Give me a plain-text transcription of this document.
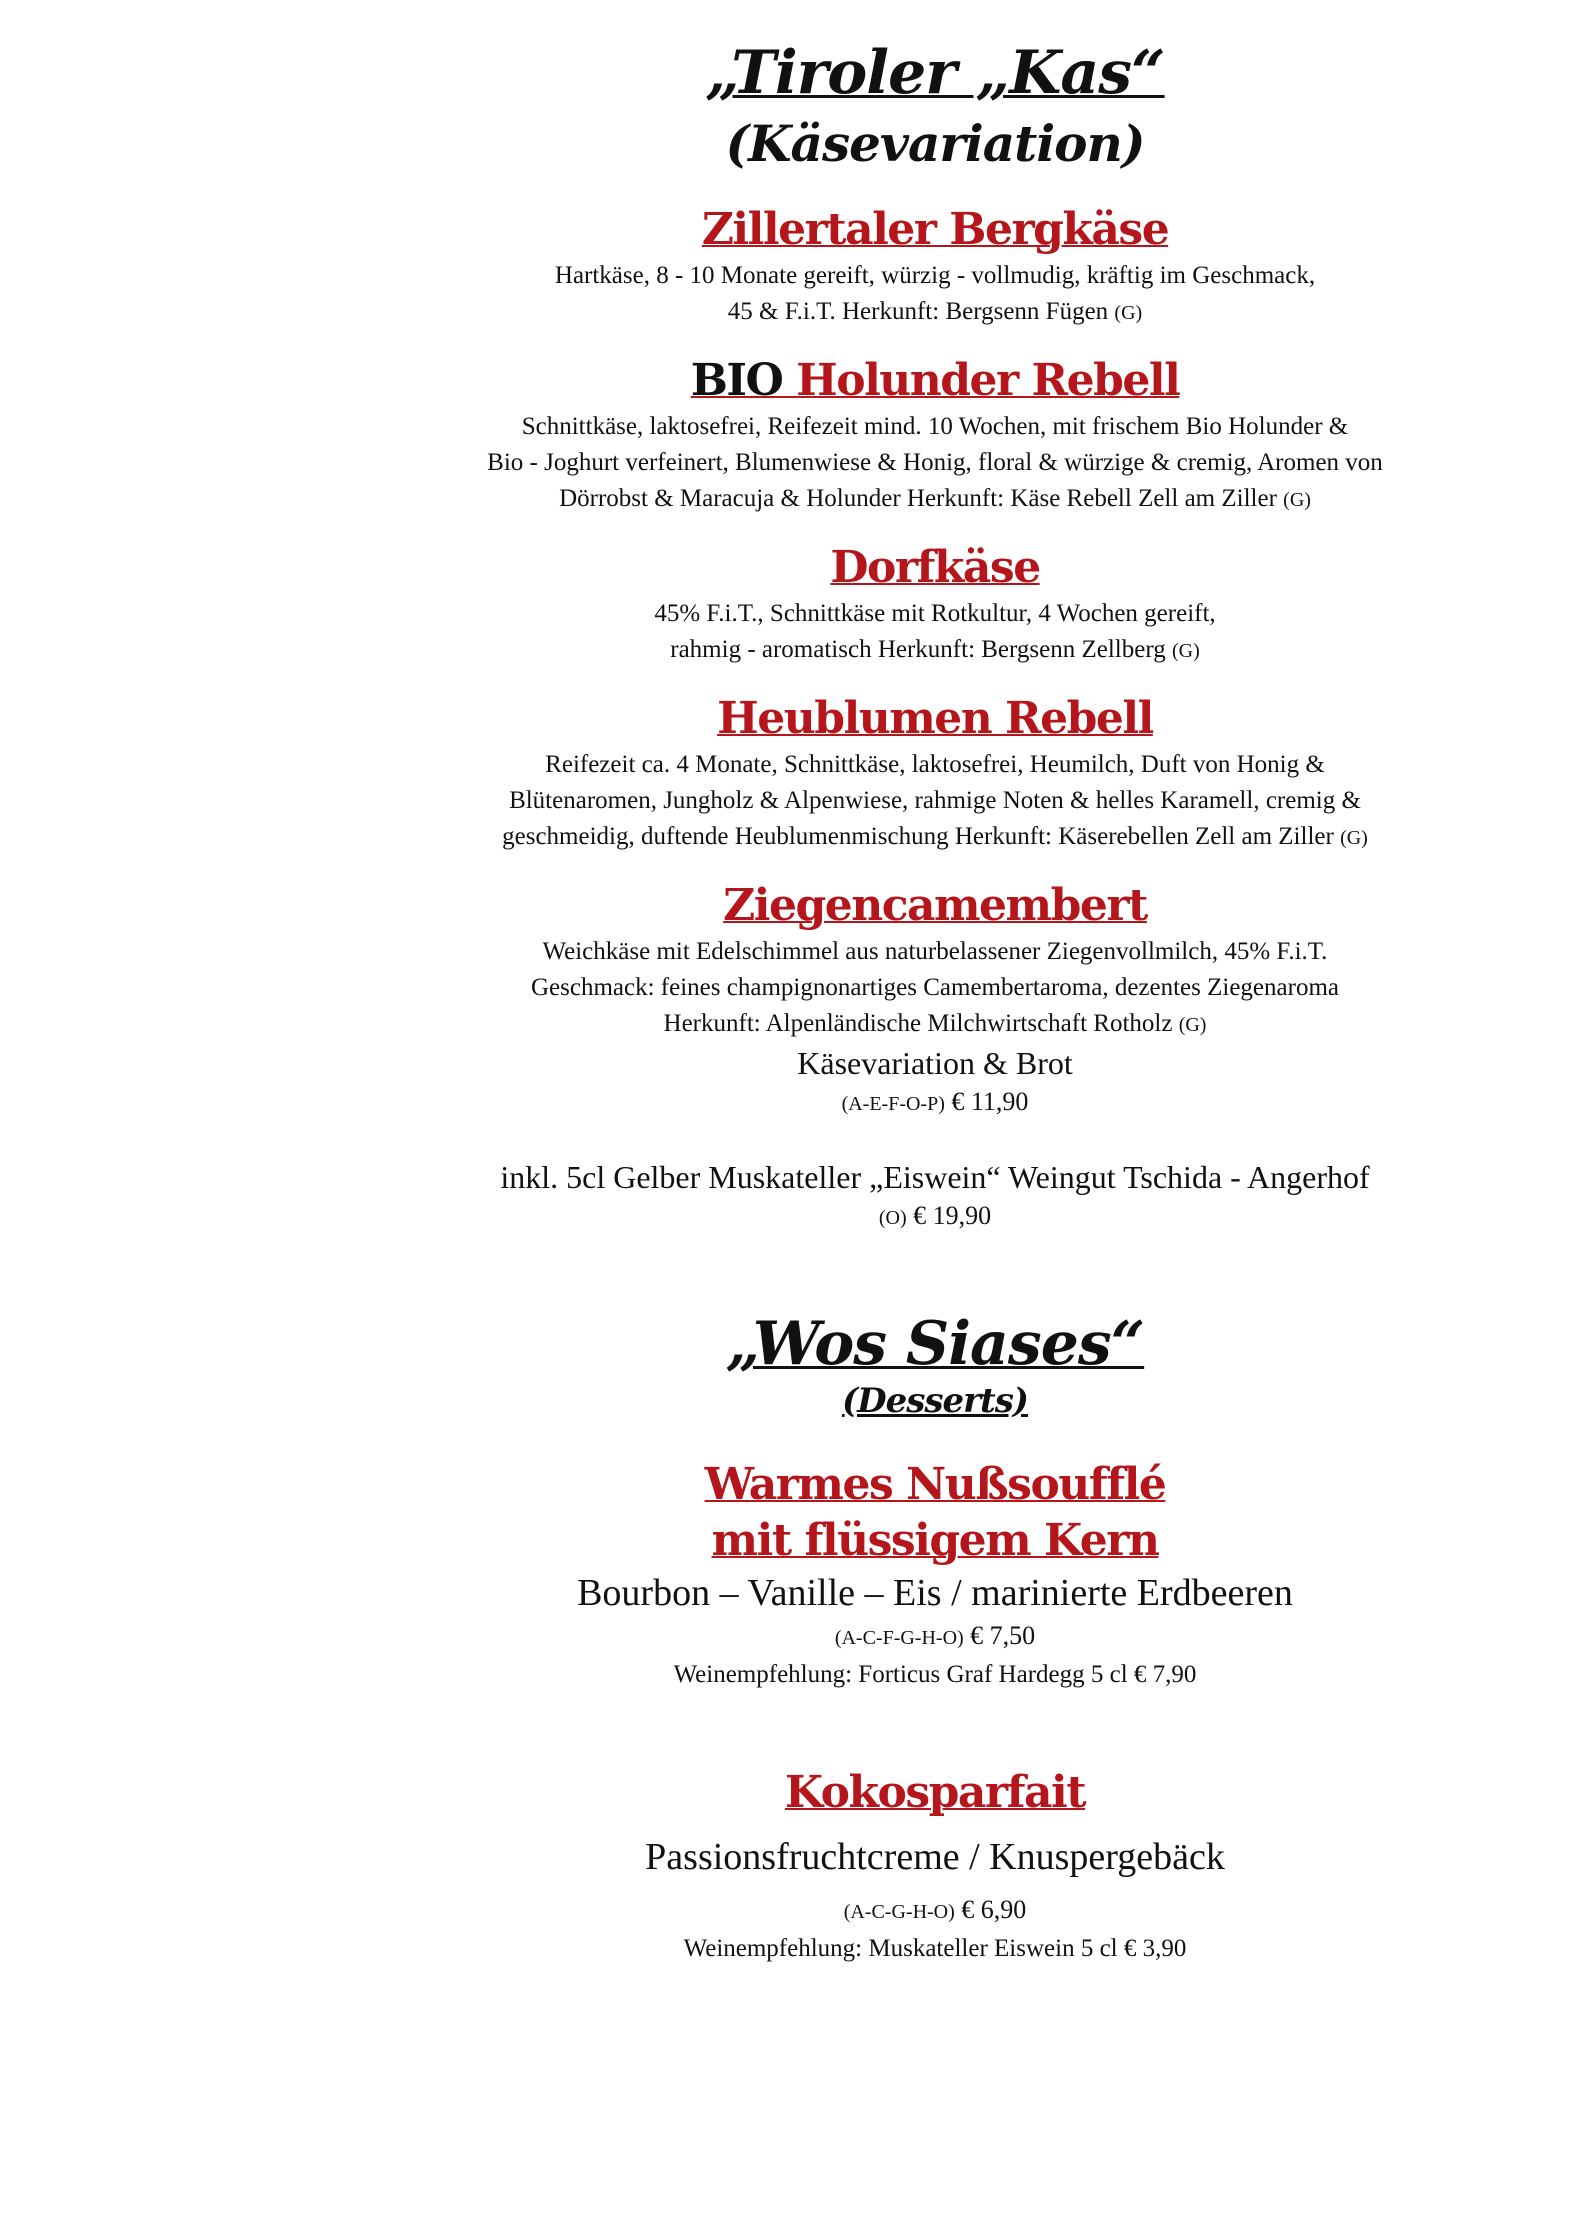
„Tiroler „Kas“
(Käsevariation)
Zillertaler Bergkäse

Hartkäse, 8 - 10 Monate gereift, würzig - vollmudig, kräftig im Geschmack,

45 & F.i.T. Herkunft: Bergsenn Fügen (G)

BIO Holunder Rebell

Schnittkäse, laktosefrei, Reifezeit mind. 10 Wochen, mit frischem Bio Holunder &

Bio - Joghurt verfeinert, Blumenwiese & Honig, floral & würzige & cremig, Aromen von

Dörrobst & Maracuja & Holunder Herkunft: Käse Rebell Zell am Ziller (G)

Dorfkäse

45% F.i.T., Schnittkäse mit Rotkultur, 4 Wochen gereift,

rahmig - aromatisch Herkunft: Bergsenn Zellberg (G)

Heublumen Rebell

Reifezeit ca. 4 Monate, Schnittkäse, laktosefrei, Heumilch, Duft von Honig &

Blütenaromen, Jungholz & Alpenwiese, rahmige Noten & helles Karamell, cremig &

geschmeidig, duftende Heublumenmischung Herkunft: Käserebellen Zell am Ziller (G)

Ziegencamembert

Weichkäse mit Edelschimmel aus naturbelassener Ziegenvollmilch, 45% F.i.T.

Geschmack: feines champignonartiges Camembertaroma, dezentes Ziegenaroma

Herkunft: Alpenländische Milchwirtschaft Rotholz (G)

Käsevariation & Brot

(A-E-F-O-P) € 11,90

inkl. 5cl Gelber Muskateller „Eiswein“ Weingut Tschida - Angerhof

(O) € 19,90

„Wos Siases“
(Desserts)
Warmes Nußsoufflé
mit flüssigem Kern

Bourbon – Vanille – Eis / marinierte Erdbeeren

(A-C-F-G-H-O) € 7,50

Weinempfehlung: Forticus Graf Hardegg 5 cl € 7,90

Kokosparfait

Passionsfruchtcreme / Knuspergebäck

(A-C-G-H-O) € 6,90

Weinempfehlung: Muskateller Eiswein 5 cl € 3,90
